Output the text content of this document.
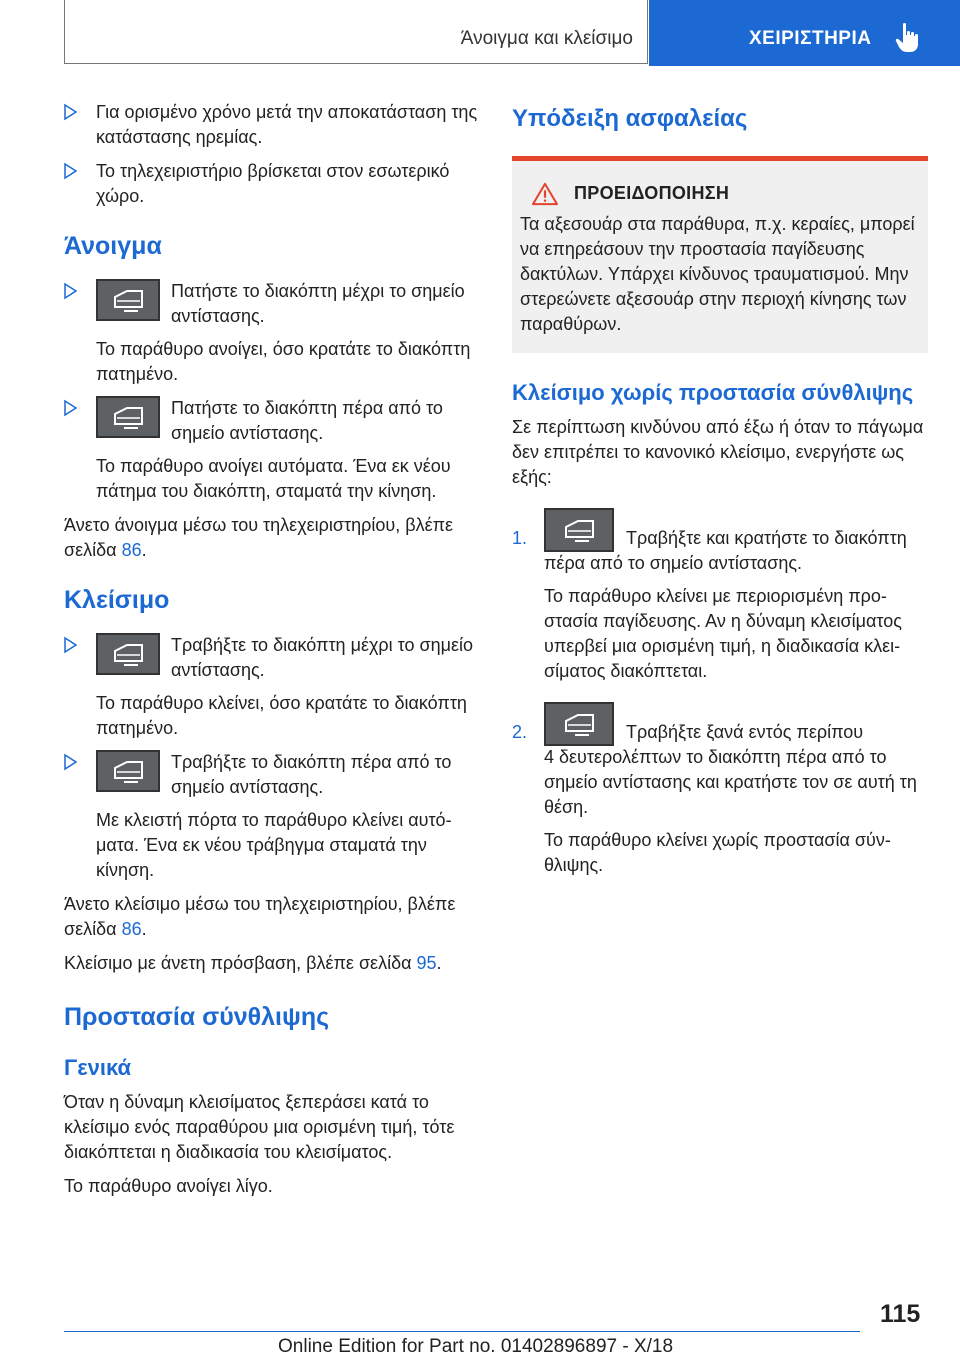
Άνοιγμα και κλείσιμο	ΧΕΙΡΙΣΤΗΡΙΑ

Για ορισμένο χρόνο μετά την αποκατάσταση της κατάστασης ηρεμίας.

Το τηλεχειριστήριο βρίσκεται στον εσωτερικό χώρο.

Άνοιγμα

Πατήστε το διακόπτη μέχρι το σημείο αντίστασης.

Το παράθυρο ανοίγει, όσο κρατάτε το διακόπτη πατημένο.

Πατήστε το διακόπτη πέρα από το σημείο αντίστασης.

Το παράθυρο ανοίγει αυτόματα. Ένα εκ νέου πάτημα του διακόπτη, σταματά την κίνηση.

Άνετο άνοιγμα μέσω του τηλεχειριστηρίου, βλέπε σελίδα 86.

Κλείσιμο

Τραβήξτε το διακόπτη μέχρι το σημείο αντίστασης.

Το παράθυρο κλείνει, όσο κρατάτε το διακόπτη πατημένο.

Τραβήξτε το διακόπτη πέρα από το σημείο αντίστασης.

Με κλειστή πόρτα το παράθυρο κλείνει αυτόματα. Ένα εκ νέου τράβηγμα σταματά την κίνηση.

Άνετο κλείσιμο μέσω του τηλεχειριστηρίου, βλέπε σελίδα 86.

Κλείσιμο με άνετη πρόσβαση, βλέπε σελίδα 95.

Προστασία σύνθλιψης
Γενικά

Όταν η δύναμη κλεισίματος ξεπεράσει κατά το κλείσιμο ενός παραθύρου μια ορισμένη τιμή, τότε διακόπτεται η διαδικασία του κλεισίματος.

Το παράθυρο ανοίγει λίγο.

Υπόδειξη ασφαλείας
ΠΡΟΕΙΔΟΠΟΙΗΣΗ

Τα αξεσουάρ στα παράθυρα, π.χ. κεραίες, μπορεί να επηρεάσουν την προστασία παγίδευσης δακτύλων. Υπάρχει κίνδυνος τραυματισμού. Μην στερεώνετε αξεσουάρ στην περιοχή κίνησης των παραθύρων.

Κλείσιμο χωρίς προστασία σύνθλιψης

Σε περίπτωση κινδύνου από έξω ή όταν το πάγωμα δεν επιτρέπει το κανονικό κλείσιμο, ενεργήστε ως εξής:

1.	Τραβήξτε και κρατήστε το διακόπτη
πέρα από το σημείο αντίστασης.

Το παράθυρο κλείνει με περιορισμένη προστασία παγίδευσης. Αν η δύναμη κλεισίματος υπερβεί μια ορισμένη τιμή, η διαδικασία κλεισίματος διακόπτεται.

2.	Τραβήξτε ξανά εντός περίπου
4 δευτερολέπτων το διακόπτη πέρα από το σημείο αντίστασης και κρατήστε τον σε αυτή τη θέση.

Το παράθυρο κλείνει χωρίς προστασία σύνθλιψης.

115
Online Edition for Part no. 01402896897 - X/18
